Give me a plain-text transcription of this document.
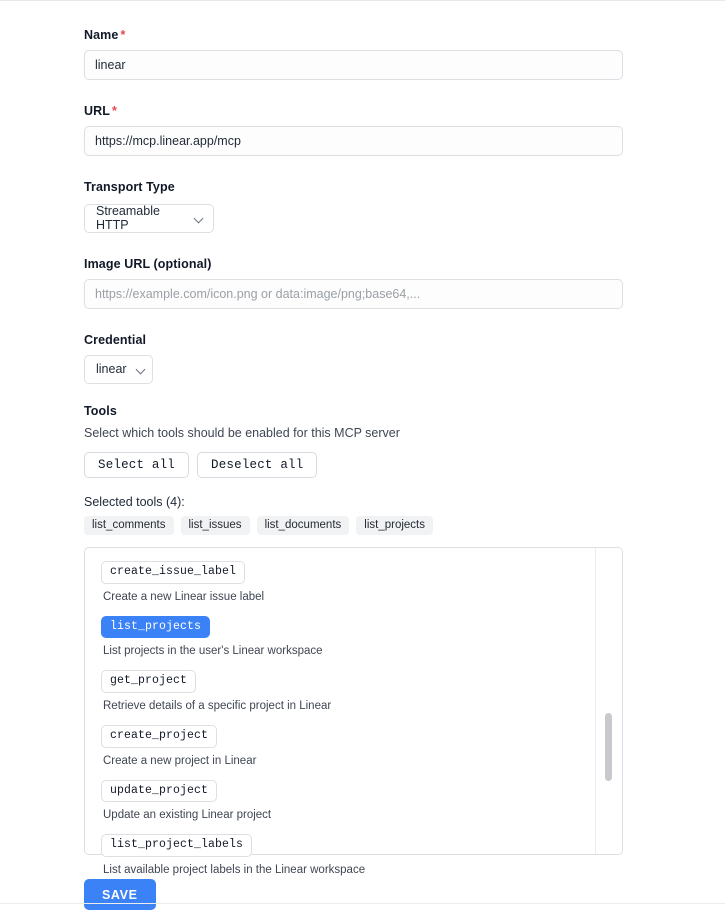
Name *
linear
URL *
https://mcp.linear.app/mcp
Transport Type
Streamable HTTP
Image URL (optional)
https://example.com/icon.png or data:image/png;base64,...
Credential
linear
Tools

Select which tools should be enabled for this MCP server

Select all	Deselect all

Selected tools (4):

list_comments	list_issues	list_documents	list_projects
create_issue_label

Create a new Linear issue label

list_projects

List projects in the user's Linear workspace

get_project

Retrieve details of a specific project in Linear

create_project

Create a new project in Linear

update_project

Update an existing Linear project

list_project_labels

List available project labels in the Linear workspace

SAVE
